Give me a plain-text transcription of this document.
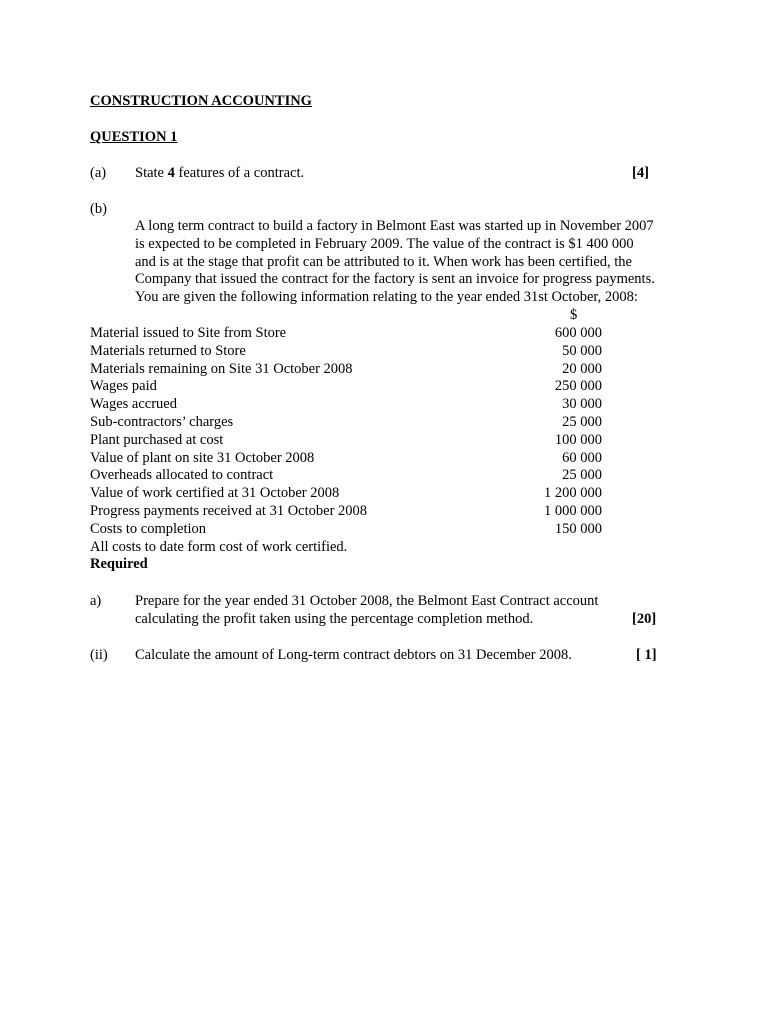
CONSTRUCTION ACCOUNTING
QUESTION 1
(a) State 4 features of a contract.	[4]
(b)
A long term contract to build a factory in Belmont East was started up in November 2007
is expected to be completed in February 2009. The value of the contract is $1 400 000
and is at the stage that profit can be attributed to it. When work has been certified, the
Company that issued the contract for the factory is sent an invoice for progress payments.
You are given the following information relating to the year ended 31st October, 2008:
$
Material issued to Site from Store	600 000
Materials returned to Store	50 000
Materials remaining on Site 31 October 2008	20 000
Wages paid	250 000
Wages accrued	30 000
Sub-contractors’ charges	25 000
Plant purchased at cost	100 000
Value of plant on site 31 October 2008	60 000
Overheads allocated to contract	25 000
Value of work certified at 31 October 2008	1 200 000
Progress payments received at 31 October 2008	1 000 000
Costs to completion	150 000
All costs to date form cost of work certified.
Required
a) Prepare for the year ended 31 October 2008, the Belmont East Contract account
calculating the profit taken using the percentage completion method.	[20]
(ii) Calculate the amount of Long-term contract debtors on 31 December 2008.	[ 1]
